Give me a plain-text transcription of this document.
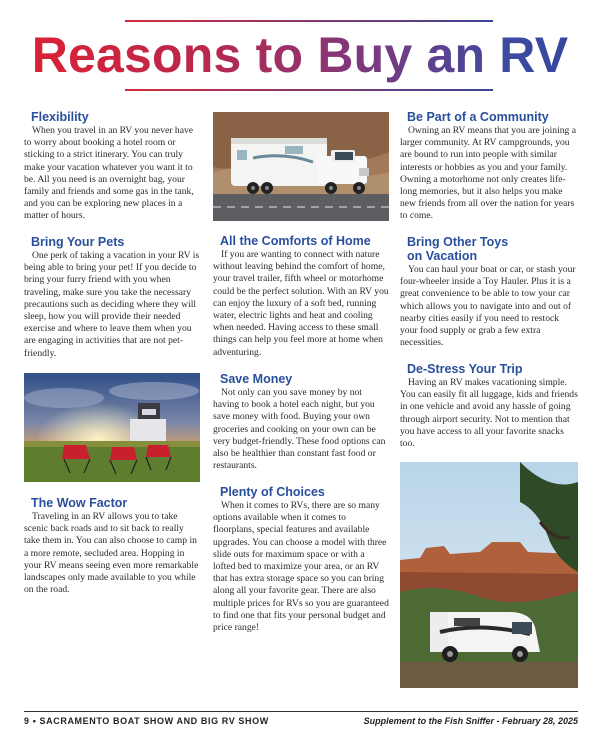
Reasons to Buy an RV
Flexibility

When you travel in an RV you never have to worry about booking a hotel room or sticking to a strict itinerary. You can truly make your vacation whatever you want it to be. All you need is an overnight bag, your family and friends and some gas in the tank, and you can be exploring new places in a matter of hours.

Bring Your Pets

One perk of taking a vacation in your RV is being able to bring your pet! If you decide to bring your furry friend with you when traveling, make sure you take the necessary precautions such as deciding where they will sleep, how you will provide their needed exercise and where to leave them when you are engaging in activities that are not pet-friendly.

The Wow Factor

Traveling in an RV allows you to take scenic back roads and to sit back to really take them in. You can also choose to camp in a more remote, secluded area. Hopping in your RV means seeing even more remarkable landscapes only made available to you while on the road.

All the Comforts of Home

If you are wanting to connect with nature without leaving behind the comfort of home, your travel trailer, fifth wheel or motorhome could be the perfect solution. With an RV you can enjoy the luxury of a soft bed, running water, electric lights and heat and cooling when needed. Having access to these small things can help you feel more at home when adventuring.

Save Money

Not only can you save money by not having to book a hotel each night, but you save money with food. Buying your own groceries and cooking on your own can be very budget-friendly. These food options can also be healthier than constant fast food or restaurants.

Plenty of Choices

When it comes to RVs, there are so many options available when it comes to floorplans, special features and available upgrades. You can choose a model with three slide outs for maximum space or with a lofted bed to maximize your area, or an RV that has extra storage space so you can bring along all your favorite gear. There are also multiple prices for RVs so you are guaranteed to find one that fits your personal budget and price range!

Be Part of a Community

Owning an RV means that you are joining a larger community. At RV campgrounds, you are bound to run into people with similar interests or hobbies as you and your family. Owning a motorhome not only creates life-long memories, but it also helps you make new friends from all over the nation for years to come.

Bring Other Toys
on Vacation

You can haul your boat or car, or stash your four-wheeler inside a Toy Hauler. Plus it is a great convenience to be able to tow your car which allows you to navigate into and out of nearby cities easily if you need to restock your food supply or grab a few extra necessities.

De-Stress Your Trip

Having an RV makes vacationing simple. You can easily fit all luggage, kids and friends in one vehicle and avoid any hassle of going through airport security. Not to mention that you have access to all your favorite snacks too.

9 • SACRAMENTO BOAT SHOW AND BIG RV SHOW	Supplement to the Fish Sniffer - February 28, 2025
